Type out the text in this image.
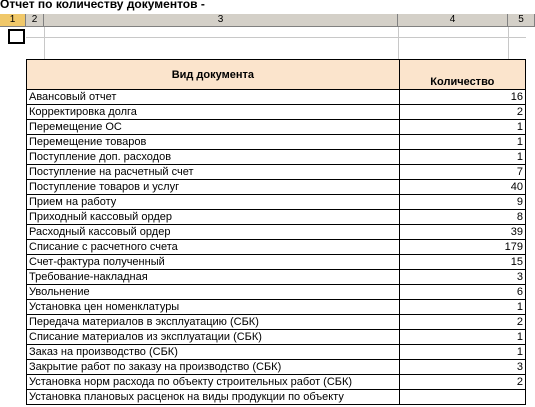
Отчет по количеству документов -
1	2	3	4	5
Вид документа	Количество
Авансовый отчет	16
Корректировка долга	2
Перемещение ОС	1
Перемещение товаров	1
Поступление доп. расходов	1
Поступление на расчетный счет	7
Поступление товаров и услуг	40
Прием на работу	9
Приходный кассовый ордер	8
Расходный кассовый ордер	39
Списание с расчетного счета	179
Счет-фактура полученный	15
Требование-накладная	3
Увольнение	6
Установка цен номенклатуры	1
Передача материалов в эксплуатацию (СБК)	2
Списание материалов из эксплуатации (СБК)	1
Заказ на производство (СБК)	1
Закрытие работ по заказу на производство (СБК)	3
Установка норм расхода по объекту строительных работ (СБК)	2
Установка плановых расценок на виды продукции по объекту	
